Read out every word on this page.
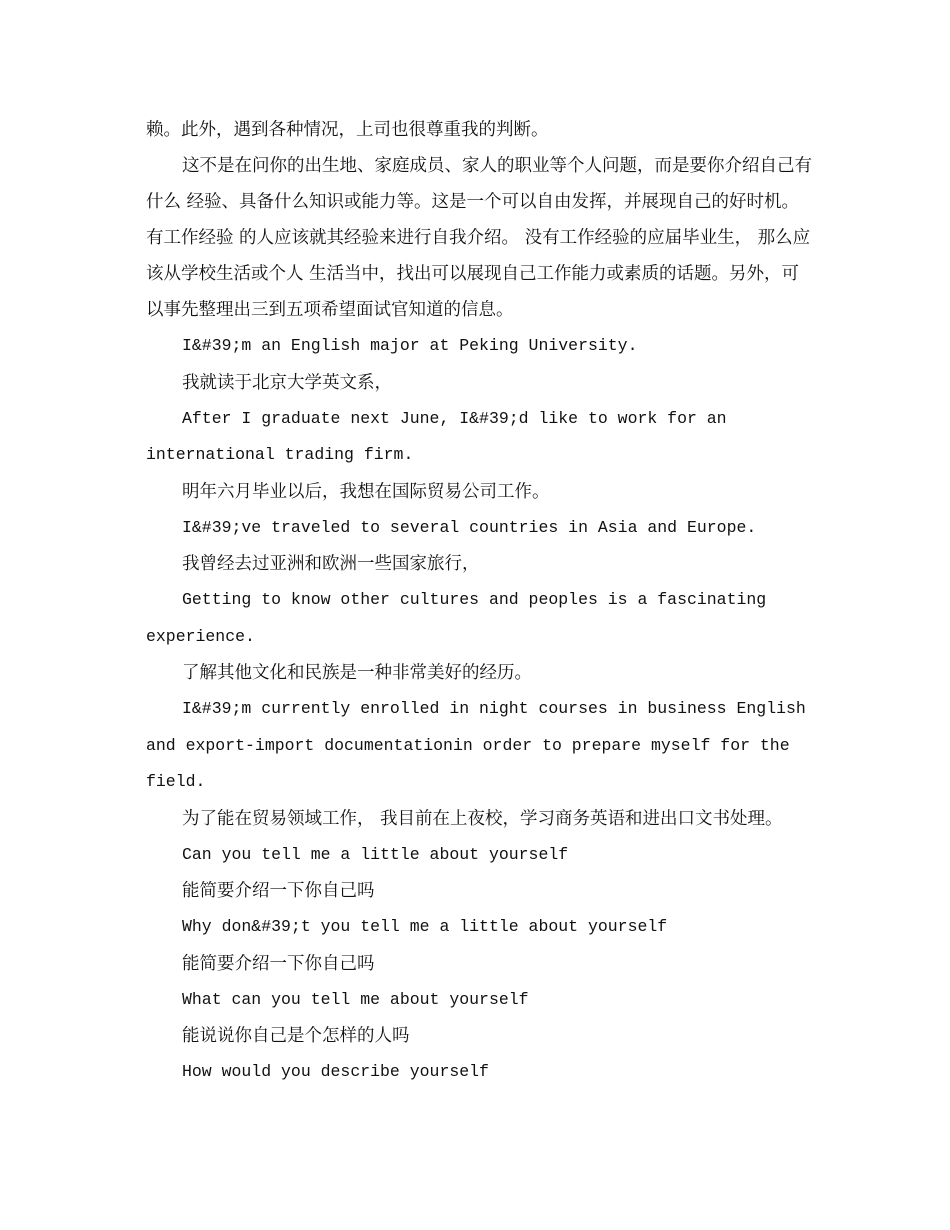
赖。此外，遇到各种情况，上司也很尊重我的判断。

这不是在问你的出生地、家庭成员、家人的职业等个人问题，而是要你介绍自己有什么 经验、具备什么知识或能力等。这是一个可以自由发挥，并展现自己的好时机。有工作经验 的人应该就其经验来进行自我介绍。 没有工作经验的应届毕业生， 那么应该从学校生活或个人 生活当中，找出可以展现自己工作能力或素质的话题。另外，可以事先整理出三到五项希望面试官知道的信息。

I&#39;m an English major at Peking University.

我就读于北京大学英文系，

After I graduate next June, I&#39;d like to work for an international trading firm.

明年六月毕业以后，我想在国际贸易公司工作。

I&#39;ve traveled to several countries in Asia and Europe.

我曾经去过亚洲和欧洲一些国家旅行，

Getting to know other cultures and peoples is a fascinating experience.

了解其他文化和民族是一种非常美好的经历。

I&#39;m currently enrolled in night courses in business English and export-import documentationin order to prepare myself for the field.

为了能在贸易领域工作， 我目前在上夜校，学习商务英语和进出口文书处理。

Can you tell me a little about yourself

能简要介绍一下你自己吗

Why don&#39;t you tell me a little about yourself

能简要介绍一下你自己吗

What can you tell me about yourself

能说说你自己是个怎样的人吗

How would you describe yourself
